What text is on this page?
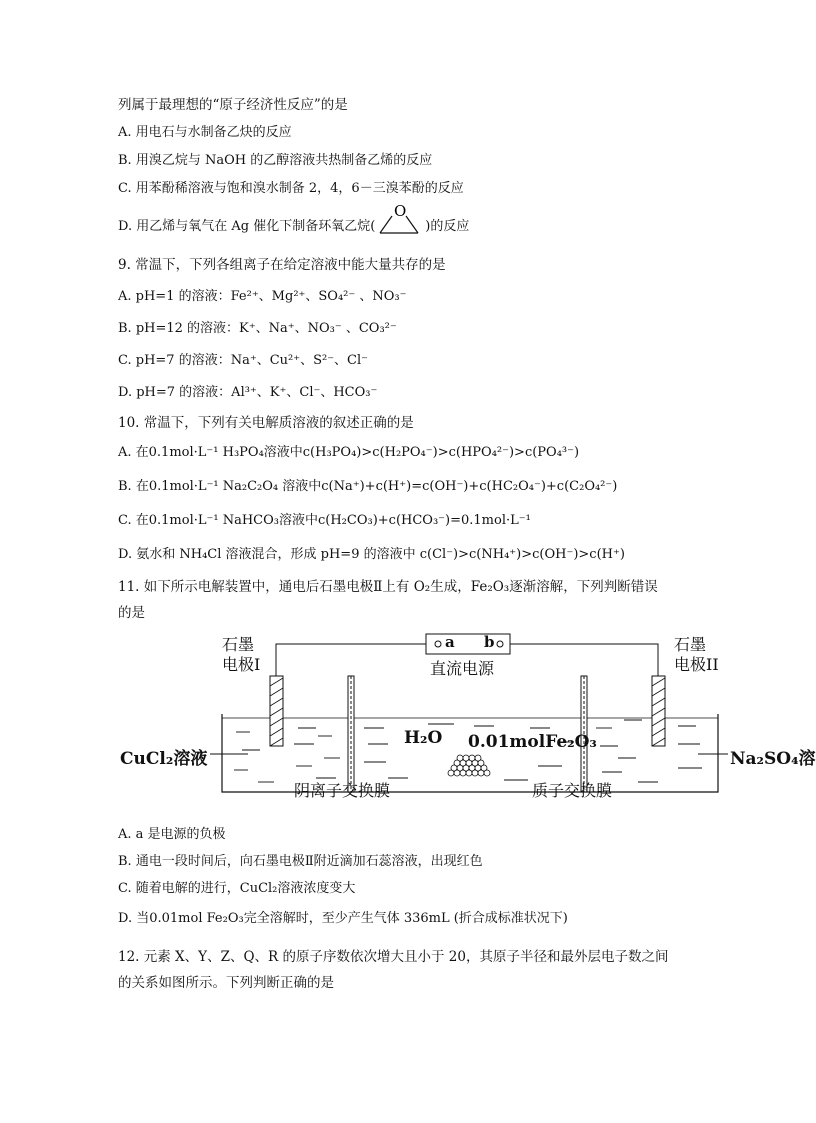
列属于最理想的“原子经济性反应”的是
A. 用电石与水制备乙炔的反应
B. 用溴乙烷与 NaOH 的乙醇溶液共热制备乙烯的反应
C. 用苯酚稀溶液与饱和溴水制备 2，4，6－三溴苯酚的反应
D. 用乙烯与氧气在 Ag 催化下制备环氧乙烷(
O
)的反应
9. 常温下，下列各组离子在给定溶液中能大量共存的是
A. pH=1 的溶液：Fe²⁺、Mg²⁺、SO₄²⁻ 、NO₃⁻
B. pH=12 的溶液：K⁺、Na⁺、NO₃⁻ 、CO₃²⁻
C. pH=7 的溶液：Na⁺、Cu²⁺、S²⁻、Cl⁻
D. pH=7 的溶液：Al³⁺、K⁺、Cl⁻、HCO₃⁻
10. 常温下，下列有关电解质溶液的叙述正确的是
A. 在0.1mol·L⁻¹ H₃PO₄溶液中c(H₃PO₄)>c(H₂PO₄⁻)>c(HPO₄²⁻)>c(PO₄³⁻)
B. 在0.1mol·L⁻¹ Na₂C₂O₄ 溶液中c(Na⁺)+c(H⁺)=c(OH⁻)+c(HC₂O₄⁻)+c(C₂O₄²⁻)
C. 在0.1mol·L⁻¹ NaHCO₃溶液中c(H₂CO₃)+c(HCO₃⁻)=0.1mol·L⁻¹
D. 氨水和 NH₄Cl 溶液混合，形成 pH=9 的溶液中 c(Cl⁻)>c(NH₄⁺)>c(OH⁻)>c(H⁺)
11. 如下所示电解装置中，通电后石墨电极Ⅱ上有 O₂生成，Fe₂O₃逐渐溶解，下列判断错误
的是
石墨
电极I
石墨
电极II
a b
直流电源
H₂O 0.01molFe₂O₃
CuCl₂溶液	Na₂SO₄溶
阴离子交换膜	质子交换膜
A. a 是电源的负极
B. 通电一段时间后，向石墨电极Ⅱ附近滴加石蕊溶液，出现红色
C. 随着电解的进行，CuCl₂溶液浓度变大
D. 当0.01mol Fe₂O₃完全溶解时，至少产生气体 336mL (折合成标准状况下)
12. 元素 X、Y、Z、Q、R 的原子序数依次增大且小于 20，其原子半径和最外层电子数之间
的关系如图所示。下列判断正确的是
